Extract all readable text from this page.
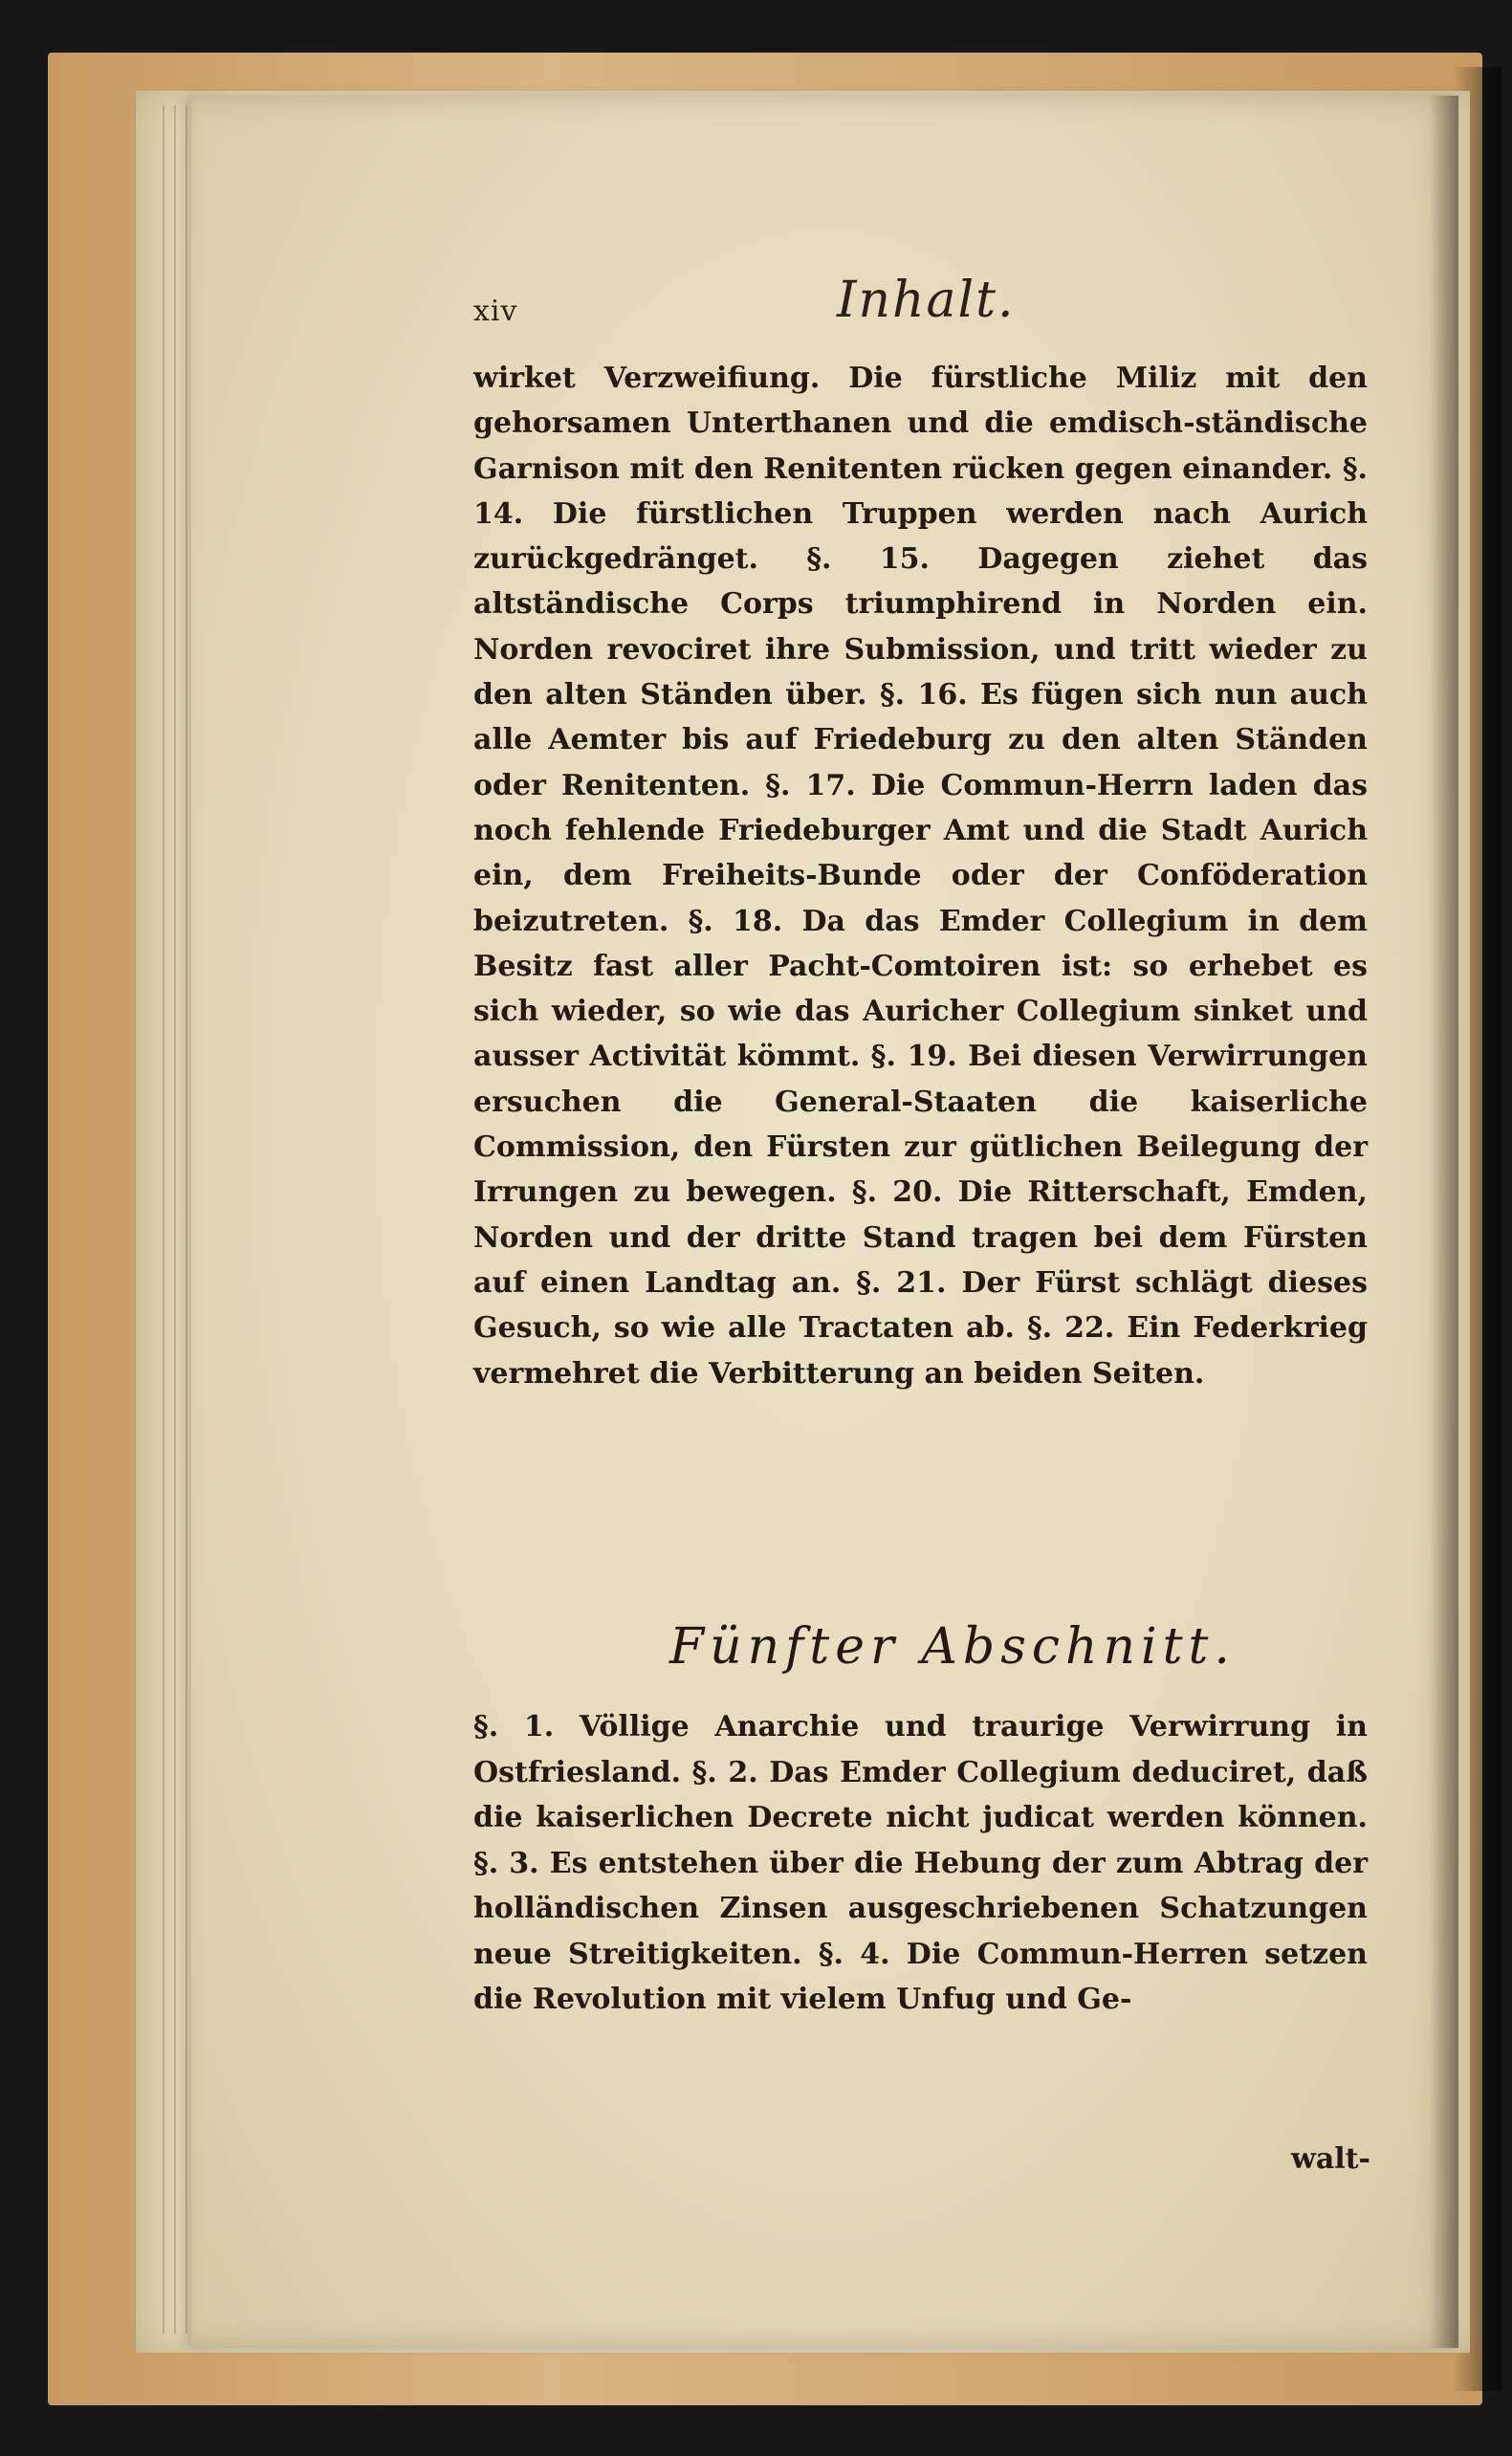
xiv	Inhalt.
wirket Verzweifiung. Die fürstliche Miliz mit den gehorsamen Unterthanen und die emdisch-ständische Garnison mit den Renitenten rücken gegen einander. §. 14. Die fürstlichen Truppen werden nach Aurich zurückgedränget. §. 15. Dagegen ziehet das altständische Corps triumphirend in Norden ein. Norden revociret ihre Submission, und tritt wieder zu den alten Ständen über. §. 16. Es fügen sich nun auch alle Aemter bis auf Friedeburg zu den alten Ständen oder Renitenten. §. 17. Die Commun-Herrn laden das noch fehlende Friedeburger Amt und die Stadt Aurich ein, dem Freiheits-Bunde oder der Conföderation beizutreten. §. 18. Da das Emder Collegium in dem Besitz fast aller Pacht-Comtoiren ist: so erhebet es sich wieder, so wie das Auricher Collegium sinket und ausser Activität kömmt. §. 19. Bei diesen Verwirrungen ersuchen die General-Staaten die kaiserliche Commission, den Fürsten zur gütlichen Beilegung der Irrungen zu bewegen. §. 20. Die Ritterschaft, Emden, Norden und der dritte Stand tragen bei dem Fürsten auf einen Landtag an. §. 21. Der Fürst schlägt dieses Gesuch, so wie alle Tractaten ab. §. 22. Ein Federkrieg vermehret die Verbitterung an beiden Seiten.
Fünfter Abschnitt.
§. 1. Völlige Anarchie und traurige Verwirrung in Ostfriesland. §. 2. Das Emder Collegium deduciret, daß die kaiserlichen Decrete nicht judicat werden können. §. 3. Es entstehen über die Hebung der zum Abtrag der holländischen Zinsen ausgeschriebenen Schatzungen neue Streitigkeiten. §. 4. Die Commun-Herren setzen die Revolution mit vielem Unfug und Ge-
walt-
